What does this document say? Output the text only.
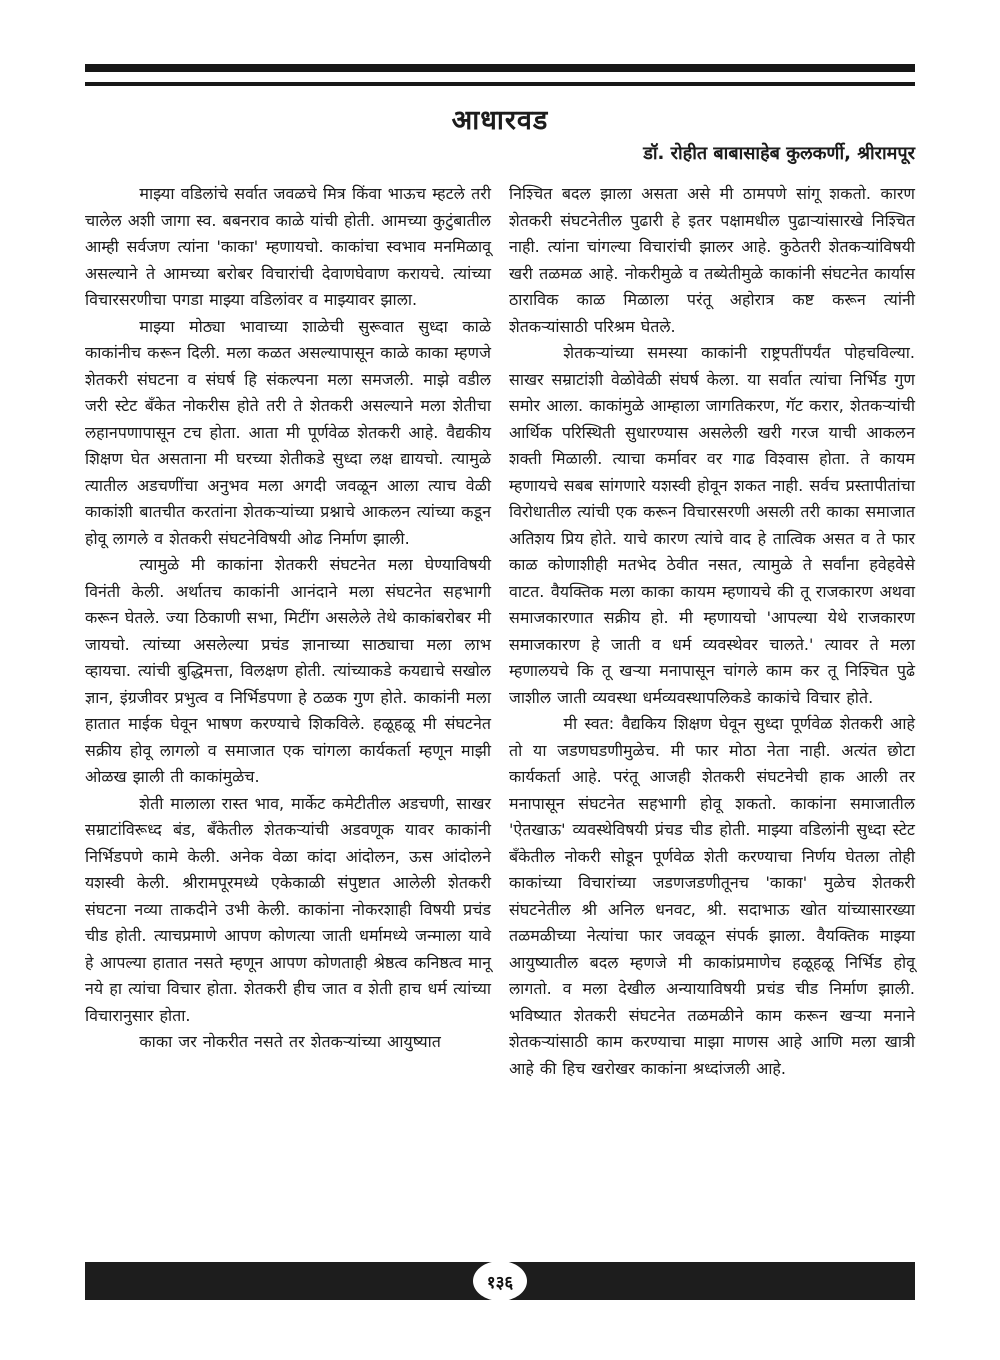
आधारवड
डॉ. रोहीत बाबासाहेब कुलकर्णी, श्रीरामपूर

माझ्या वडिलांचे सर्वात जवळचे मित्र किंवा भाऊच म्हटले तरी चालेल अशी जागा स्व. बबनराव काळे यांची होती. आमच्या कुटुंबातील आम्ही सर्वजण त्यांना 'काका' म्हणायचो. काकांचा स्वभाव मनमिळावू असल्याने ते आमच्या बरोबर विचारांची देवाणघेवाण करायचे. त्यांच्या विचारसरणीचा पगडा माझ्या वडिलांवर व माझ्यावर झाला.

माझ्या मोठ्या भावाच्या शाळेची सुरूवात सुध्दा काळे काकांनीच करून दिली. मला कळत असल्यापासून काळे काका म्हणजे शेतकरी संघटना व संघर्ष हि संकल्पना मला समजली. माझे वडील जरी स्टेट बँकेत नोकरीस होते तरी ते शेतकरी असल्याने मला शेतीचा लहानपणापासून टच होता. आता मी पूर्णवेळ शेतकरी आहे. वैद्यकीय शिक्षण घेत असताना मी घरच्या शेतीकडे सुध्दा लक्ष द्यायचो. त्यामुळे त्यातील अडचणींचा अनुभव मला अगदी जवळून आला त्याच वेळी काकांशी बातचीत करतांना शेतकऱ्यांच्या प्रश्नाचे आकलन त्यांच्या कडून होवू लागले व शेतकरी संघटनेविषयी ओढ निर्माण झाली.

त्यामुळे मी काकांना शेतकरी संघटनेत मला घेण्याविषयी विनंती केली. अर्थातच काकांनी आनंदाने मला संघटनेत सहभागी करून घेतले. ज्या ठिकाणी सभा, मिटींग असलेले तेथे काकांबरोबर मी जायचो. त्यांच्या असलेल्या प्रचंड ज्ञानाच्या साठ्याचा मला लाभ व्हायचा. त्यांची बुद्धिमत्ता, विलक्षण होती. त्यांच्याकडे कयद्याचे सखोल ज्ञान, इंग्रजीवर प्रभुत्व व निर्भिडपणा हे ठळक गुण होते. काकांनी मला हातात माईक घेवून भाषण करण्याचे शिकविले. हळूहळू मी संघटनेत सक्रीय होवू लागलो व समाजात एक चांगला कार्यकर्ता म्हणून माझी ओळख झाली ती काकांमुळेच.

शेती मालाला रास्त भाव, मार्केट कमेटीतील अडचणी, साखर सम्राटांविरूध्द बंड, बँकेतील शेतकऱ्यांची अडवणूक यावर काकांनी निर्भिडपणे कामे केली. अनेक वेळा कांदा आंदोलन, ऊस आंदोलने यशस्वी केली. श्रीरामपूरमध्ये एकेकाळी संपुष्टात आलेली शेतकरी संघटना नव्या ताकदीने उभी केली. काकांना नोकरशाही विषयी प्रचंड चीड होती. त्याचप्रमाणे आपण कोणत्या जाती धर्मामध्ये जन्माला यावे हे आपल्या हातात नसते म्हणून आपण कोणताही श्रेष्ठत्व कनिष्ठत्व मानू नये हा त्यांचा विचार होता. शेतकरी हीच जात व शेती हाच धर्म त्यांच्या विचारानुसार होता.

काका जर नोकरीत नसते तर शेतकऱ्यांच्या आयुष्यात

निश्चित बदल झाला असता असे मी ठामपणे सांगू शकतो. कारण शेतकरी संघटनेतील पुढारी हे इतर पक्षामधील पुढाऱ्यांसारखे निश्चित नाही. त्यांना चांगल्या विचारांची झालर आहे. कुठेतरी शेतकऱ्यांविषयी खरी तळमळ आहे. नोकरीमुळे व तब्येतीमुळे काकांनी संघटनेत कार्यास ठाराविक काळ मिळाला परंतू अहोरात्र कष्ट करून त्यांनी शेतकऱ्यांसाठी परिश्रम घेतले.

शेतकऱ्यांच्या समस्या काकांनी राष्ट्रपतींपर्यंत पोहचविल्या. साखर सम्राटांशी वेळोवेळी संघर्ष केला. या सर्वात त्यांचा निर्भिड गुण समोर आला. काकांमुळे आम्हाला जागतिकरण, गॅट करार, शेतकऱ्यांची आर्थिक परिस्थिती सुधारण्यास असलेली खरी गरज याची आकलन शक्ती मिळाली. त्याचा कर्मावर वर गाढ विश्वास होता. ते कायम म्हणायचे सबब सांगणारे यशस्वी होवून शकत नाही. सर्वच प्रस्तापीतांचा विरोधातील त्यांची एक करून विचारसरणी असली तरी काका समाजात अतिशय प्रिय होते. याचे कारण त्यांचे वाद हे तात्विक असत व ते फार काळ कोणाशीही मतभेद ठेवीत नसत, त्यामुळे ते सर्वांना हवेहवेसे वाटत. वैयक्तिक मला काका कायम म्हणायचे की तू राजकारण अथवा समाजकारणात सक्रीय हो. मी म्हणायचो 'आपल्या येथे राजकारण समाजकारण हे जाती व धर्म व्यवस्थेवर चालते.' त्यावर ते मला म्हणालयचे कि तू खऱ्या मनापासून चांगले काम कर तू निश्चित पुढे जाशील जाती व्यवस्था धर्मव्यवस्थापलिकडे काकांचे विचार होते.

मी स्वत: वैद्यकिय शिक्षण घेवून सुध्दा पूर्णवेळ शेतकरी आहे तो या जडणघडणीमुळेच. मी फार मोठा नेता नाही. अत्यंत छोटा कार्यकर्ता आहे. परंतू आजही शेतकरी संघटनेची हाक आली तर मनापासून संघटनेत सहभागी होवू शकतो. काकांना समाजातील 'ऐतखाऊ' व्यवस्थेविषयी प्रंचड चीड होती. माझ्या वडिलांनी सुध्दा स्टेट बँकेतील नोकरी सोडून पूर्णवेळ शेती करण्याचा निर्णय घेतला तोही काकांच्या विचारांच्या जडणजडणीतूनच 'काका' मुळेच शेतकरी संघटनेतील श्री अनिल धनवट, श्री. सदाभाऊ खोत यांच्यासारख्या तळमळीच्या नेत्यांचा फार जवळून संपर्क झाला. वैयक्तिक माझ्या आयुष्यातील बदल म्हणजे मी काकांप्रमाणेच हळूहळू निर्भिड होवू लागतो. व मला देखील अन्यायाविषयी प्रचंड चीड निर्माण झाली. भविष्यात शेतकरी संघटनेत तळमळीने काम करून खऱ्या मनाने शेतकऱ्यांसाठी काम करण्याचा माझा माणस आहे आणि मला खात्री आहे की हिच खरोखर काकांना श्रध्दांजली आहे.

१३६
